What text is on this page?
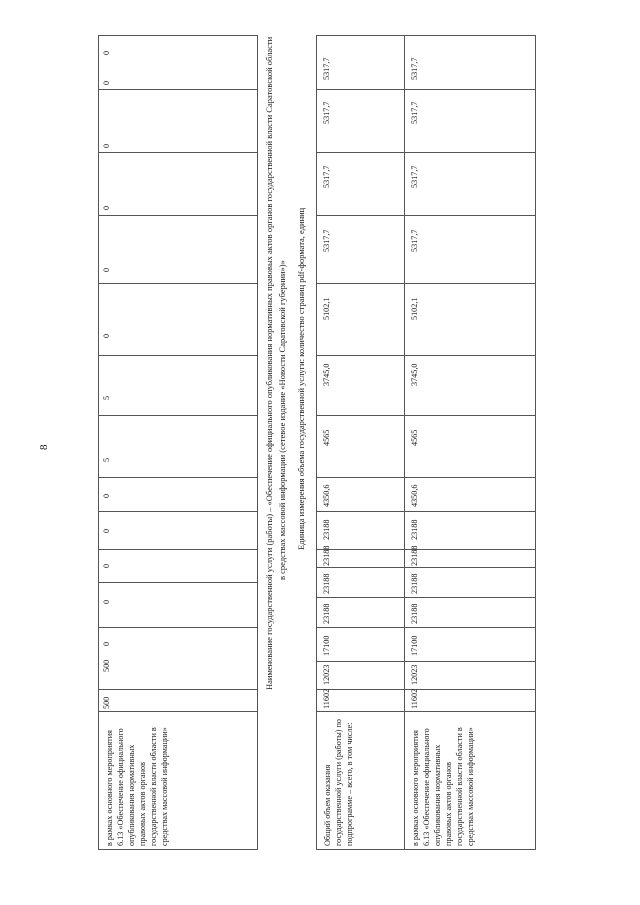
8
в рамках основного мероприятия 6.13 «Обеспечение официального опубликования нормативных правовых актов органов государственной власти области в средствах массовой информации»
500
500
0
0
0
0
0
5
5
0
0
0
0
0
0	Наименование государственной услуги (работы) – «Обеспечение официального опубликования нормативных правовых актов органов государственной власти Саратовской области в средствах массовой информации (сетевое издание «Новости Саратовской губернии»)» Единица измерения объема государственной услуги: количество страниц pdf-формата, единиц
Общий объем оказания государственной услуги (работы) по подпрограмме – всего, в том числе:
11602
12023
17100
23188
23188
23188
23188
4350,6
4565
3745,0
5102,1
5317,7
5317,7
5317,7
5317,7
в рамках основного мероприятия 6.13 «Обеспечение официального опубликования нормативных правовых актов органов государственной власти области в средствах массовой информации»
11602
12023
17100
23188
23188
23188
23188
4350,6
4565
3745,0
5102,1
5317,7
5317,7
5317,7
5317,7
